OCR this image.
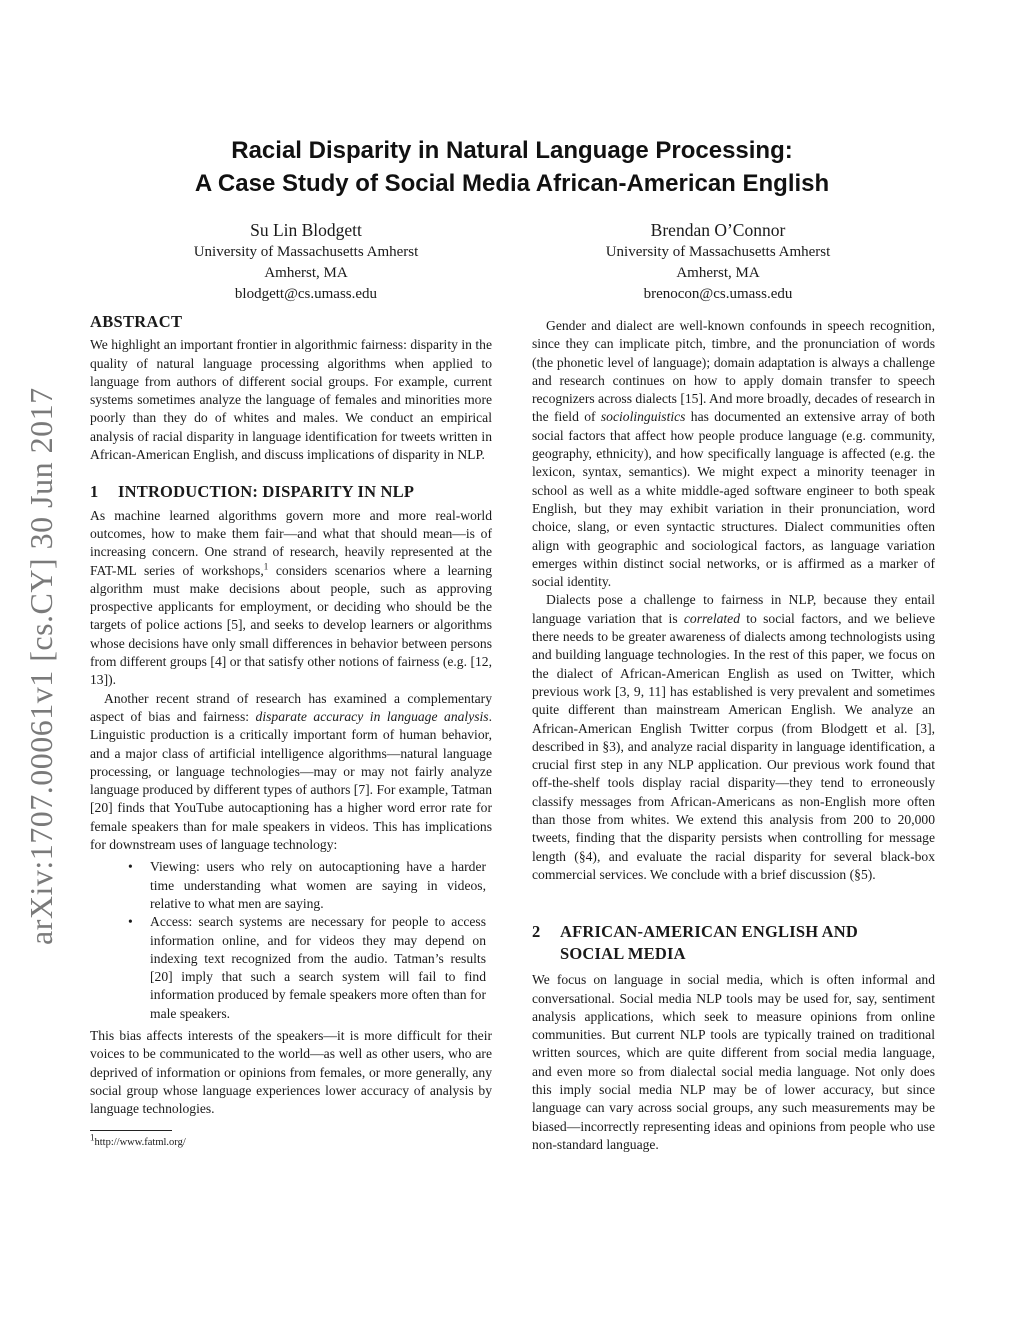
arXiv:1707.00061v1 [cs.CY] 30 Jun 2017
Racial Disparity in Natural Language Processing:
A Case Study of Social Media African-American English
Su Lin Blodgett
University of Massachusetts Amherst
Amherst, MA
blodgett@cs.umass.edu
Brendan O’Connor
University of Massachusetts Amherst
Amherst, MA
brenocon@cs.umass.edu
ABSTRACT

We highlight an important frontier in algorithmic fairness: disparity in the quality of natural language processing algorithms when applied to language from authors of different social groups. For example, current systems sometimes analyze the language of females and minorities more poorly than they do of whites and males. We conduct an empirical analysis of racial disparity in language identification for tweets written in African-American English, and discuss implications of disparity in NLP.

1 INTRODUCTION: DISPARITY IN NLP

As machine learned algorithms govern more and more real-world outcomes, how to make them fair—and what that should mean—is of increasing concern. One strand of research, heavily represented at the FAT-ML series of workshops,$^1$ considers scenarios where a learning algorithm must make decisions about people, such as approving prospective applicants for employment, or deciding who should be the targets of police actions [5], and seeks to develop learners or algorithms whose decisions have only small differences in behavior between persons from different groups [4] or that satisfy other notions of fairness (e.g. [12, 13]).

Another recent strand of research has examined a complementary aspect of bias and fairness: disparate accuracy in language analysis. Linguistic production is a critically important form of human behavior, and a major class of artificial intelligence algorithms—natural language processing, or language technologies—may or may not fairly analyze language produced by different types of authors [7]. For example, Tatman [20] finds that YouTube autocaptioning has a higher word error rate for female speakers than for male speakers in videos. This has implications for downstream uses of language technology:

• Viewing: users who rely on autocaptioning have a harder time understanding what women are saying in videos, relative to what men are saying.
• Access: search systems are necessary for people to access information online, and for videos they may depend on indexing text recognized from the audio. Tatman’s results [20] imply that such a search system will fail to find information produced by female speakers more often than for male speakers.

This bias affects interests of the speakers—it is more difficult for their voices to be communicated to the world—as well as other users, who are deprived of information or opinions from females, or more generally, any social group whose language experiences lower accuracy of analysis by language technologies.

$^1$http://www.fatml.org/

Gender and dialect are well-known confounds in speech recognition, since they can implicate pitch, timbre, and the pronunciation of words (the phonetic level of language); domain adaptation is always a challenge and research continues on how to apply domain transfer to speech recognizers across dialects [15]. And more broadly, decades of research in the field of sociolinguistics has documented an extensive array of both social factors that affect how people produce language (e.g. community, geography, ethnicity), and how specifically language is affected (e.g. the lexicon, syntax, semantics). We might expect a minority teenager in school as well as a white middle-aged software engineer to both speak English, but they may exhibit variation in their pronunciation, word choice, slang, or even syntactic structures. Dialect communities often align with geographic and sociological factors, as language variation emerges within distinct social networks, or is affirmed as a marker of social identity.

Dialects pose a challenge to fairness in NLP, because they entail language variation that is correlated to social factors, and we believe there needs to be greater awareness of dialects among technologists using and building language technologies. In the rest of this paper, we focus on the dialect of African-American English as used on Twitter, which previous work [3, 9, 11] has established is very prevalent and sometimes quite different than mainstream American English. We analyze an African-American English Twitter corpus (from Blodgett et al. [3], described in §3), and analyze racial disparity in language identification, a crucial first step in any NLP application. Our previous work found that off-the-shelf tools display racial disparity—they tend to erroneously classify messages from African-Americans as non-English more often than those from whites. We extend this analysis from 200 to 20,000 tweets, finding that the disparity persists when controlling for message length (§4), and evaluate the racial disparity for several black-box commercial services. We conclude with a brief discussion (§5).

2 AFRICAN-AMERICAN ENGLISH AND
SOCIAL MEDIA

We focus on language in social media, which is often informal and conversational. Social media NLP tools may be used for, say, sentiment analysis applications, which seek to measure opinions from online communities. But current NLP tools are typically trained on traditional written sources, which are quite different from social media language, and even more so from dialectal social media language. Not only does this imply social media NLP may be of lower accuracy, but since language can vary across social groups, any such measurements may be biased—incorrectly representing ideas and opinions from people who use non-standard language.
